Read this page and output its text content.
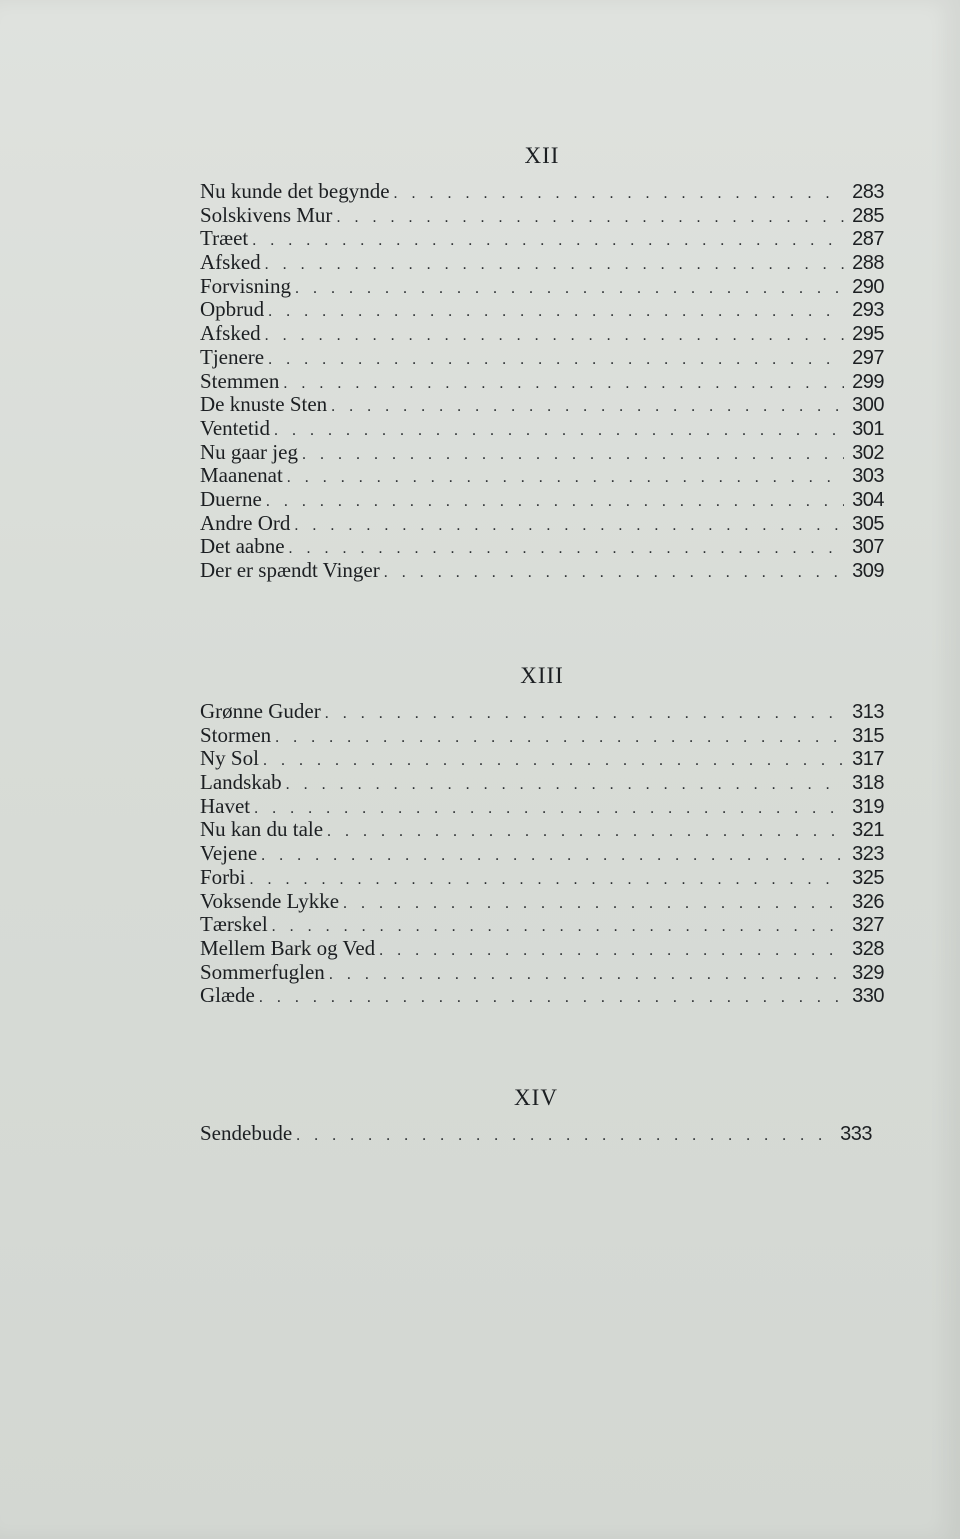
XII
Nu kunde det begynde . . .	283
Solskivens Mur . . .	285
Træet . . .	287
Afsked . . .	288
Forvisning . . .	290
Opbrud . . .	293
Afsked . . .	295
Tjenere . . .	297
Stemmen . . .	299
De knuste Sten . . .	300
Ventetid . . .	301
Nu gaar jeg . . .	302
Maanenat . . .	303
Duerne . . .	304
Andre Ord . . .	305
Det aabne . . .	307
Der er spændt Vinger . . .	309
XIII
Grønne Guder . . .	313
Stormen . . .	315
Ny Sol . . .	317
Landskab . . .	318
Havet . . .	319
Nu kan du tale . . .	321
Vejene . . .	323
Forbi . . .	325
Voksende Lykke . . .	326
Tærskel . . .	327
Mellem Bark og Ved . . .	328
Sommerfuglen . . .	329
Glæde . . .	330
XIV
Sendebude . . .	333
